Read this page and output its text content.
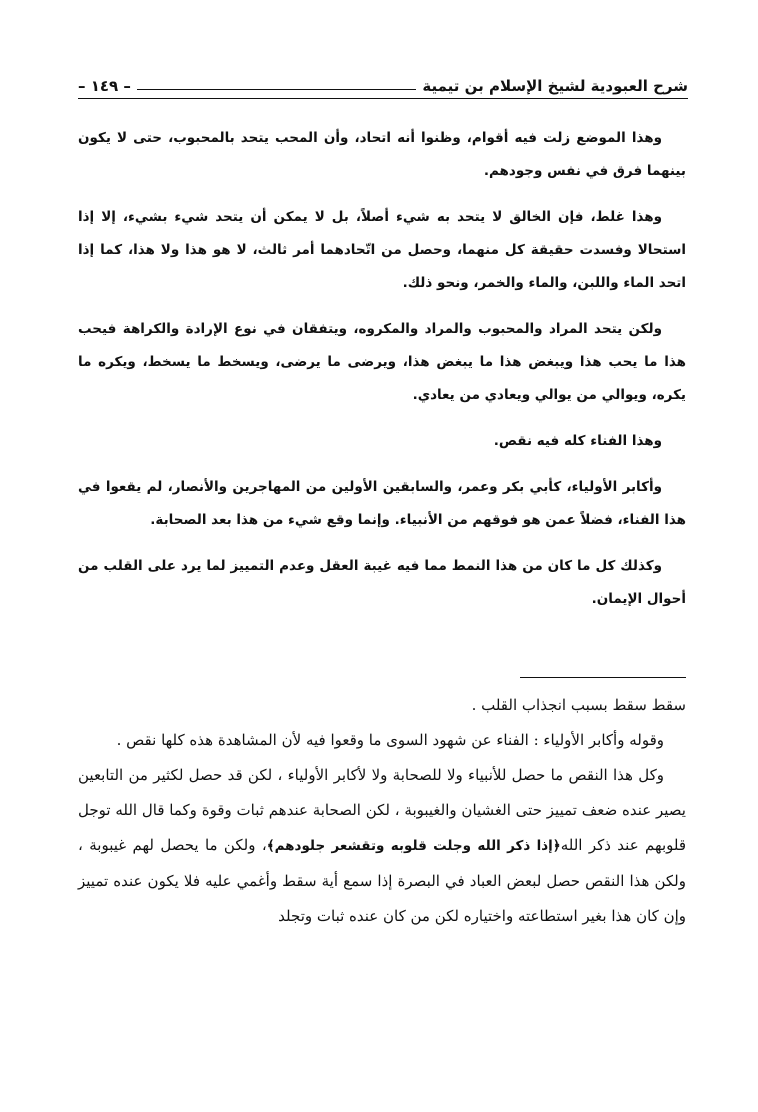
شرح العبودية لشيخ الإسلام بن تيمية
– ١٤٩ –

وهذا الموضع زلت فيه أقوام، وظنوا أنه اتحاد، وأن المحب يتحد بالمحبوب، حتى لا يكون بينهما فرق في نفس وجودهم.

وهذا غلط، فإن الخالق لا يتحد به شيء أصلاً، بل لا يمكن أن يتحد شيء بشيء، إلا إذا استحالا وفسدت حقيقة كل منهما، وحصل من اتّحادهما أمر ثالث، لا هو هذا ولا هذا، كما إذا اتحد الماء واللبن، والماء والخمر، ونحو ذلك.

ولكن يتحد المراد والمحبوب والمراد والمكروه، ويتفقان في نوع الإرادة والكراهة فيحب هذا ما يحب هذا ويبغض هذا ما يبغض هذا، ويرضى ما يرضى، ويسخط ما يسخط، ويكره ما يكره، ويوالي من يوالي ويعادي من يعادي.

وهذا الفناء كله فيه نقص.

وأكابر الأولياء، كأبي بكر وعمر، والسابقين الأولين من المهاجرين والأنصار، لم يقعوا في هذا الفناء، فضلاً عمن هو فوقهم من الأنبياء. وإنما وقع شيء من هذا بعد الصحابة.

وكذلك كل ما كان من هذا النمط مما فيه غيبة العقل وعدم التمييز لما يرد على القلب من أحوال الإيمان.

سقط سقط بسبب انجذاب القلب .

وقوله وأكابر الأولياء : الفناء عن شهود السوى ما وقعوا فيه لأن المشاهدة هذه كلها نقص .

وكل هذا النقص ما حصل للأنبياء ولا للصحابة ولا لأكابر الأولياء ، لكن قد حصل لكثير من التابعين يصير عنده ضعف تمييز حتى الغشيان والغيبوبة ، لكن الصحابة عندهم ثبات وقوة وكما قال الله توجل قلوبهم عند ذكر الله﴿إذا ذكر الله وجلت قلوبه وتقشعر جلودهم﴾، ولكن ما يحصل لهم غيبوبة ، ولكن هذا النقص حصل لبعض العباد في البصرة إذا سمع أية سقط وأغمي عليه فلا يكون عنده تمييز وإن كان هذا بغير استطاعته واختياره لكن من كان عنده ثبات وتجلد
